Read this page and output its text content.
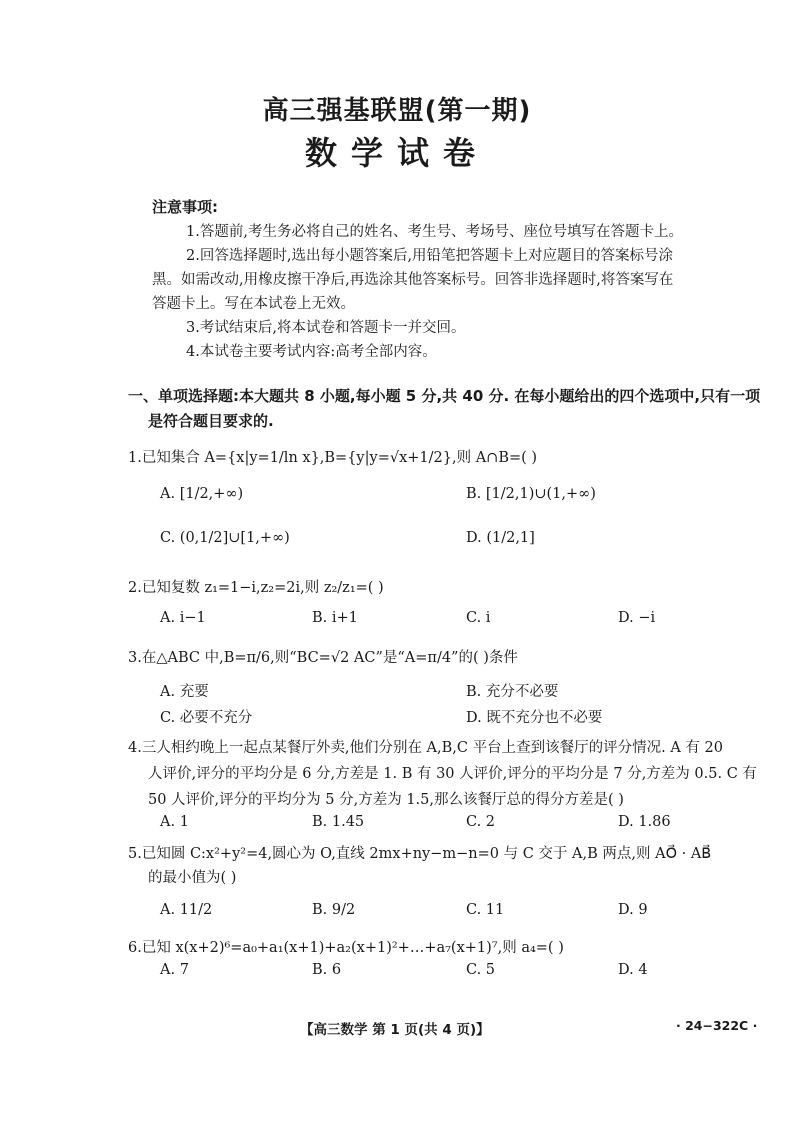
高三强基联盟(第一期)
数学试卷
注意事项:
1.答题前,考生务必将自己的姓名、考生号、考场号、座位号填写在答题卡上。
2.回答选择题时,选出每小题答案后,用铅笔把答题卡上对应题目的答案标号涂
黑。如需改动,用橡皮擦干净后,再选涂其他答案标号。回答非选择题时,将答案写在
答题卡上。写在本试卷上无效。
3.考试结束后,将本试卷和答题卡一并交回。
4.本试卷主要考试内容:高考全部内容。
一、单项选择题:本大题共 8 小题,每小题 5 分,共 40 分. 在每小题给出的四个选项中,只有一项
是符合题目要求的.
1.已知集合 A={x|y=1/ln x},B={y|y=√x+1/2},则 A∩B=( )
A. [1/2,+∞)	B. [1/2,1)∪(1,+∞)
C. (0,1/2]∪[1,+∞)	D. (1/2,1]
2.已知复数 z₁=1−i,z₂=2i,则 z₂/z₁=( )
A. i−1	B. i+1	C. i	D. −i
3.在△ABC 中,B=π/6,则“BC=√2 AC”是“A=π/4”的( )条件
A. 充要	B. 充分不必要
C. 必要不充分	D. 既不充分也不必要
4.三人相约晚上一起点某餐厅外卖,他们分别在 A,B,C 平台上查到该餐厅的评分情况. A 有 20
人评价,评分的平均分是 6 分,方差是 1. B 有 30 人评价,评分的平均分是 7 分,方差为 0.5. C 有
50 人评价,评分的平均分为 5 分,方差为 1.5,那么该餐厅总的得分方差是( )
A. 1	B. 1.45	C. 2	D. 1.86
5.已知圆 C:x²+y²=4,圆心为 O,直线 2mx+ny−m−n=0 与 C 交于 A,B 两点,则 AO⃗ · AB⃗
的最小值为( )
A. 11/2	B. 9/2	C. 11	D. 9
6.已知 x(x+2)⁶=a₀+a₁(x+1)+a₂(x+1)²+…+a₇(x+1)⁷,则 a₄=( )
A. 7	B. 6	C. 5	D. 4
【高三数学 第 1 页(共 4 页)】	· 24−322C ·
